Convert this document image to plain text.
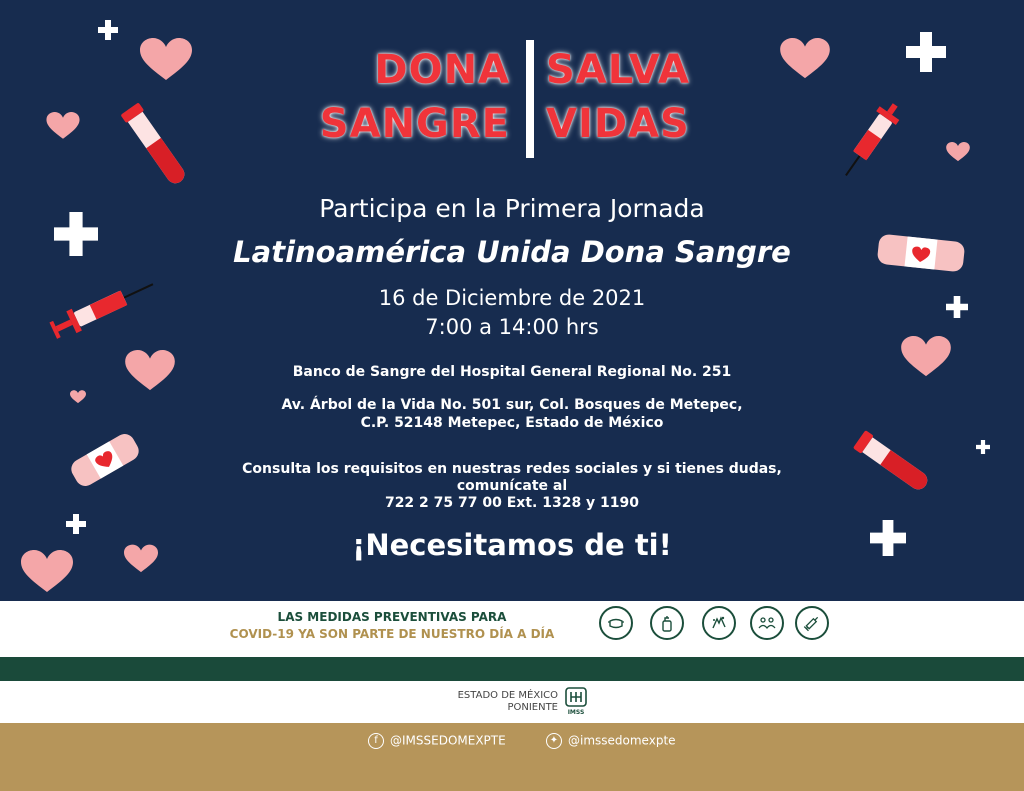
DONA
SANGRE
SALVA
VIDAS
Participa en la Primera Jornada
Latinoamérica Unida Dona Sangre
16 de Diciembre de 2021
7:00 a 14:00 hrs
Banco de Sangre del Hospital General Regional No. 251
Av. Árbol de la Vida No. 501 sur, Col. Bosques de Metepec,
C.P. 52148 Metepec, Estado de México
Consulta los requisitos en nuestras redes sociales y si tienes dudas,
comunícate al
722 2 75 77 00 Ext. 1328 y 1190
¡Necesitamos de ti!
LAS MEDIDAS PREVENTIVAS PARA
COVID-19 YA SON PARTE DE NUESTRO DÍA A DÍA
ESTADO DE MÉXICO
PONIENTE IMSS
f @IMSSEDOMEXPTE	✦ @imssedomexpte
